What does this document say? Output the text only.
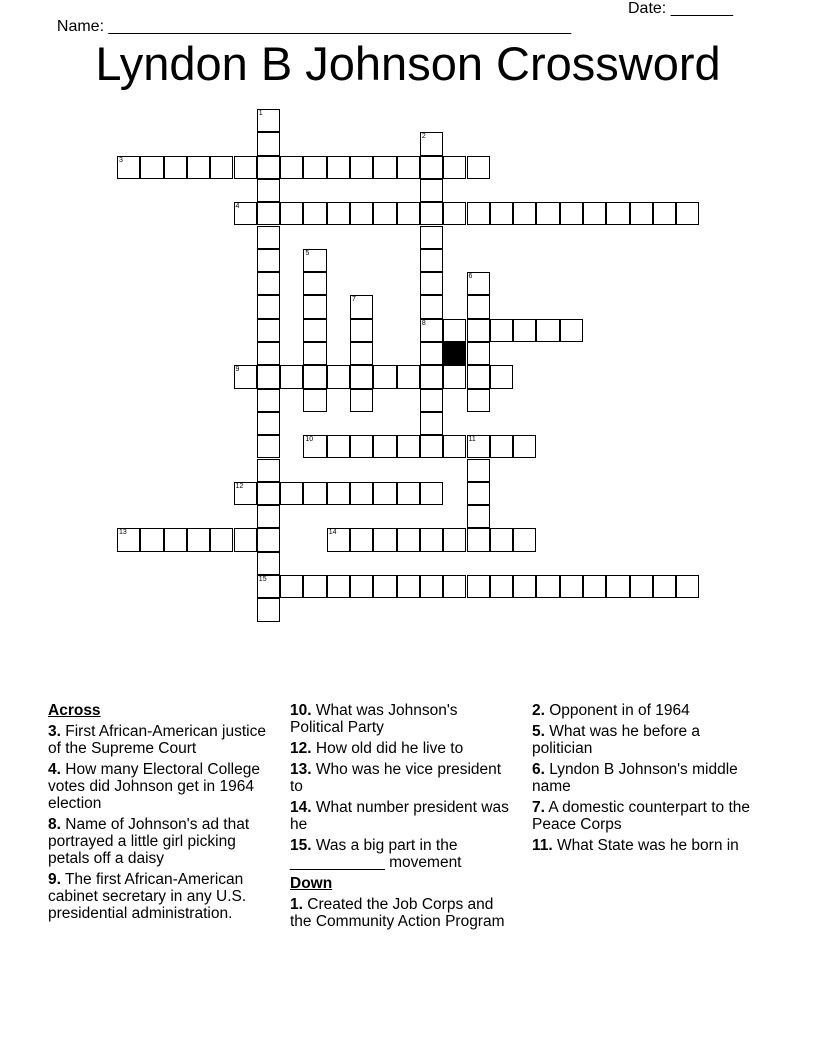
Name: ____________________________________________________

Date: _______

Lyndon B Johnson Crossword
1
15
2
8
3
4
5
6
7
9
10	11
12
13	14
Across
3. First African-American justice of the Supreme Court
4. How many Electoral College votes did Johnson get in 1964 election
8. Name of Johnson's ad that portrayed a little girl picking petals off a daisy
9. The first African-American cabinet secretary in any U.S. presidential administration.
10. What was Johnson's Political Party
12. How old did he live to
13. Who was he vice president to
14. What number president was he
15. Was a big part in the ___________ movement
Down
1. Created the Job Corps and the Community Action Program
2. Opponent in of 1964
5. What was he before a politician
6. Lyndon B Johnson's middle name
7. A domestic counterpart to the Peace Corps
11. What State was he born in
